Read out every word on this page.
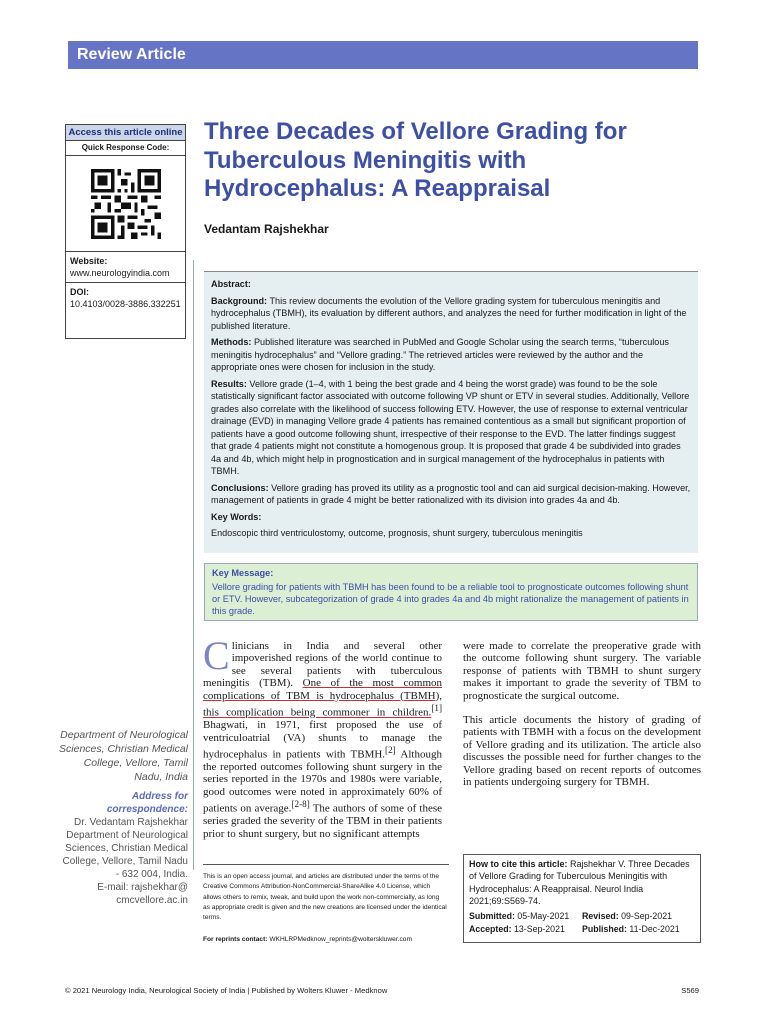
Review Article
Access this article online
Quick Response Code:
Website:
www.neurologyindia.com
DOI:
10.4103/0028-3886.332251
Three Decades of Vellore Grading for Tuberculous Meningitis with Hydrocephalus: A Reappraisal
Vedantam Rajshekhar

Abstract:

Background: This review documents the evolution of the Vellore grading system for tuberculous meningitis and hydrocephalus (TBMH), its evaluation by different authors, and analyzes the need for further modification in light of the published literature.

Methods: Published literature was searched in PubMed and Google Scholar using the search terms, “tuberculous meningitis hydrocephalus” and “Vellore grading.” The retrieved articles were reviewed by the author and the appropriate ones were chosen for inclusion in the study.

Results: Vellore grade (1–4, with 1 being the best grade and 4 being the worst grade) was found to be the sole statistically significant factor associated with outcome following VP shunt or ETV in several studies. Additionally, Vellore grades also correlate with the likelihood of success following ETV. However, the use of response to external ventricular drainage (EVD) in managing Vellore grade 4 patients has remained contentious as a small but significant proportion of patients have a good outcome following shunt, irrespective of their response to the EVD. The latter findings suggest that grade 4 patients might not constitute a homogenous group. It is proposed that grade 4 be subdivided into grades 4a and 4b, which might help in prognostication and in surgical management of the hydrocephalus in patients with TBMH.

Conclusions: Vellore grading has proved its utility as a prognostic tool and can aid surgical decision-making. However, management of patients in grade 4 might be better rationalized with its division into grades 4a and 4b.

Key Words:

Endoscopic third ventriculostomy, outcome, prognosis, shunt surgery, tuberculous meningitis

Key Message:
Vellore grading for patients with TBMH has been found to be a reliable tool to prognosticate outcomes following shunt or ETV. However, subcategorization of grade 4 into grades 4a and 4b might rationalize the management of patients in this grade.

Clinicians in India and several other impoverished regions of the world continue to see several patients with tuberculous meningitis (TBM). One of the most common complications of TBM is hydrocephalus (TBMH), this complication being commoner in children.[1] Bhagwati, in 1971, first proposed the use of ventriculoatrial (VA) shunts to manage the hydrocephalus in patients with TBMH.[2] Although the reported outcomes following shunt surgery in the series reported in the 1970s and 1980s were variable, good outcomes were noted in approximately 60% of patients on average.[2-8] The authors of some of these series graded the severity of the TBM in their patients prior to shunt surgery, but no significant attempts

were made to correlate the preoperative grade with the outcome following shunt surgery. The variable response of patients with TBMH to shunt surgery makes it important to grade the severity of TBM to prognosticate the surgical outcome.

This article documents the history of grading of patients with TBMH with a focus on the development of Vellore grading and its utilization. The article also discusses the possible need for further changes to the Vellore grading based on recent reports of outcomes in patients undergoing surgery for TBMH.

Department of Neurological Sciences, Christian Medical College, Vellore, Tamil Nadu, India
Address for correspondence:
Dr. Vedantam Rajshekhar Department of Neurological Sciences, Christian Medical College, Vellore, Tamil Nadu - 632 004, India.
E-mail: rajshekhar@ cmcvellore.ac.in
This is an open access journal, and articles are distributed under the terms of the Creative Commons Attribution-NonCommercial-ShareAlike 4.0 License, which allows others to remix, tweak, and build upon the work non-commercially, as long as appropriate credit is given and the new creations are licensed under the identical terms.
For reprints contact: WKHLRPMedknow_reprints@wolterskluwer.com
How to cite this article: Rajshekhar V. Three Decades of Vellore Grading for Tuberculous Meningitis with Hydrocephalus: A Reappraisal. Neurol India 2021;69:S569-74.
Submitted: 05-May-2021	Revised: 09-Sep-2021
Accepted: 13-Sep-2021	Published: 11-Dec-2021
© 2021 Neurology India, Neurological Society of India | Published by Wolters Kluwer - Medknow	S569
